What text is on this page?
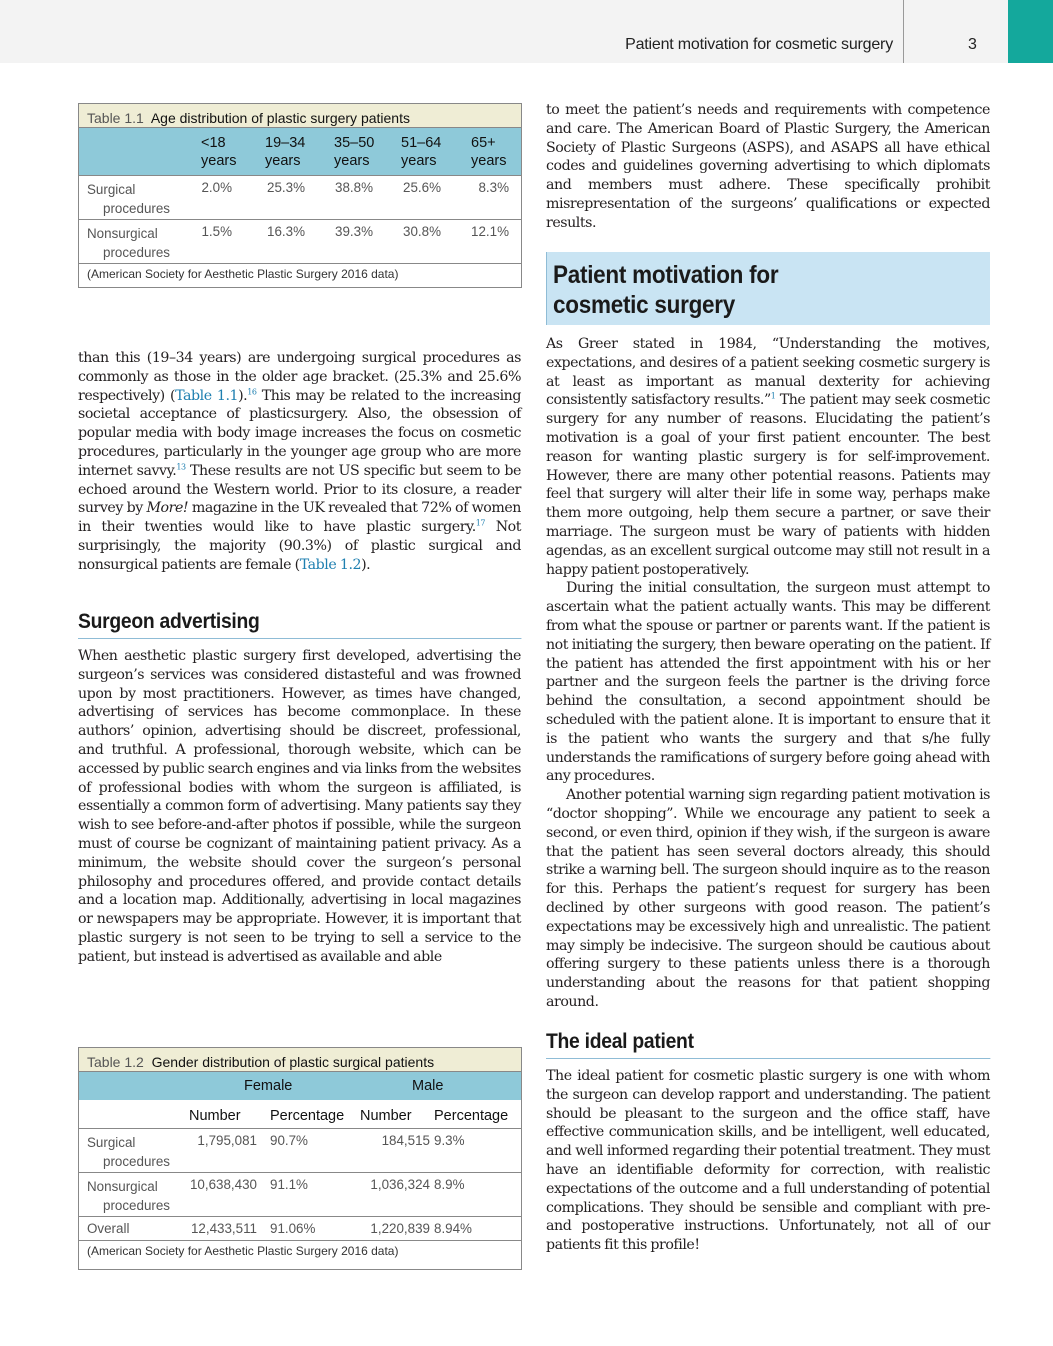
Patient motivation for cosmetic surgery	3
Table 1.1 Age distribution of plastic surgery patients
<18
years
19–34
years
35–50
years
51–64
years
65+
years
Surgical
procedures
2.0%	25.3% 38.8% 25.6%	8.3%
Nonsurgical
procedures
1.5%	16.3% 39.3% 30.8% 12.1%
(American Society for Aesthetic Plastic Surgery 2016 data)

than this (19–34 years) are undergoing surgical procedures as commonly as those in the older age bracket. (25.3% and 25.6% respectively) (Table 1.1).$^{16}$ This may be related to the increasing societal acceptance of plasticsurgery. Also, the obsession of popular media with body image increases the focus on cosmetic procedures, particularly in the younger age group who are more internet savvy.$^{13}$ These results are not US specific but seem to be echoed around the Western world. Prior to its closure, a reader survey by More! magazine in the UK revealed that 72% of women in their twenties would like to have plastic surgery.$^{17}$ Not surprisingly, the majority (90.3%) of plastic surgical and nonsurgical patients are female (Table 1.2).

Surgeon advertising

When aesthetic plastic surgery first developed, advertising the surgeon’s services was considered distasteful and was frowned upon by most practitioners. However, as times have changed, advertising of services has become commonplace. In these authors’ opinion, advertising should be discreet, professional, and truthful. A professional, thorough website, which can be accessed by public search engines and via links from the websites of professional bodies with whom the surgeon is affiliated, is essentially a common form of advertising. Many patients say they wish to see before-and-after photos if possible, while the surgeon must of course be cognizant of maintaining patient privacy. As a minimum, the website should cover the surgeon’s personal philosophy and procedures offered, and provide contact details and a location map. Additionally, advertising in local magazines or newspapers may be appropriate. However, it is important that plastic surgery is not seen to be trying to sell a service to the patient, but instead is advertised as available and able

Table 1.2 Gender distribution of plastic surgical patients
Female	Male
Number Percentage Number Percentage
Surgical
procedures
1,795,081 90.7%	184,515 9.3%
Nonsurgical
procedures
10,638,430 91.1%	1,036,324 8.9%
Overall	12,433,511 91.06%	1,220,839 8.94%
(American Society for Aesthetic Plastic Surgery 2016 data)

to meet the patient’s needs and requirements with competence and care. The American Board of Plastic Surgery, the American Society of Plastic Surgeons (ASPS), and ASAPS all have ethical codes and guidelines governing advertising to which diplomats and members must adhere. These specifically prohibit misrepresentation of the surgeons’ qualifications or expected results.

Patient motivation for
cosmetic surgery

As Greer stated in 1984, “Understanding the motives, expectations, and desires of a patient seeking cosmetic surgery is at least as important as manual dexterity for achieving consistently satisfactory results.”$^1$ The patient may seek cosmetic surgery for any number of reasons. Elucidating the patient’s motivation is a goal of your first patient encounter. The best reason for wanting plastic surgery is for self-improvement. However, there are many other potential reasons. Patients may feel that surgery will alter their life in some way, perhaps make them more outgoing, help them secure a partner, or save their marriage. The surgeon must be wary of patients with hidden agendas, as an excellent surgical outcome may still not result in a happy patient postoperatively.

During the initial consultation, the surgeon must attempt to ascertain what the patient actually wants. This may be different from what the spouse or partner or parents want. If the patient is not initiating the surgery, then beware operating on the patient. If the patient has attended the first appointment with his or her partner and the surgeon feels the partner is the driving force behind the consultation, a second appointment should be scheduled with the patient alone. It is important to ensure that it is the patient who wants the surgery and that s/he fully understands the ramifications of surgery before going ahead with any procedures.

Another potential warning sign regarding patient motivation is “doctor shopping”. While we encourage any patient to seek a second, or even third, opinion if they wish, if the surgeon is aware that the patient has seen several doctors already, this should strike a warning bell. The surgeon should inquire as to the reason for this. Perhaps the patient’s request for surgery has been declined by other surgeons with good reason. The patient’s expectations may be excessively high and unrealistic. The patient may simply be indecisive. The surgeon should be cautious about offering surgery to these patients unless there is a thorough understanding about the reasons for that patient shopping around.

The ideal patient

The ideal patient for cosmetic plastic surgery is one with whom the surgeon can develop rapport and understanding. The patient should be pleasant to the surgeon and the office staff, have effective communication skills, and be intelligent, well educated, and well informed regarding their potential treatment. They must have an identifiable deformity for correction, with realistic expectations of the outcome and a full understanding of potential complications. They should be sensible and compliant with pre- and postoperative instructions. Unfortunately, not all of our patients fit this profile!
